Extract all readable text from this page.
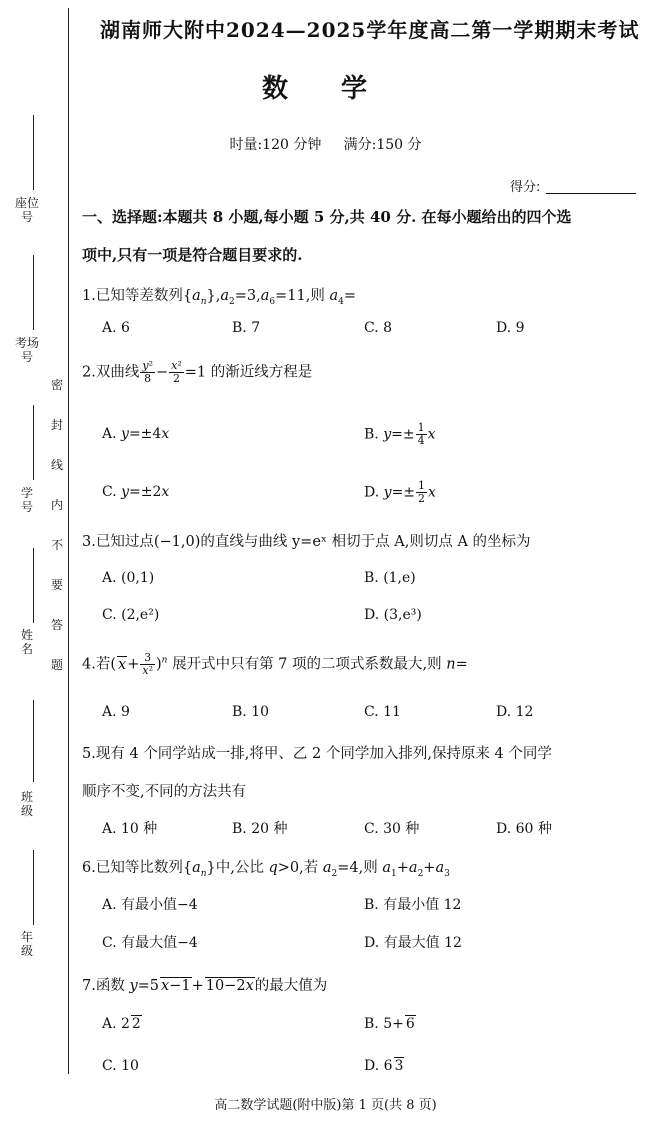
座位号
考场号
学 号
姓 名
班 级
年 级
密封线内不要答题
湖南师大附中2024—2025学年度高二第一学期期末考试
数 学
时量:120 分钟 满分:150 分
得分:
一、选择题:本题共 8 小题,每小题 5 分,共 40 分. 在每小题给出的四个选
项中,只有一项是符合题目要求的.
1.已知等差数列$\{a_n\},a_2=3,a_6=11$,则 $a_4=$
A. 6	B. 7	C. 8	D. 9
2.双曲线 $\frac{\text{y²}}{8} - \frac{\text{x²}}{2} =1$ 的渐近线方程是
A. y=±4x	B. $y=\pm \frac{1}{4}$ x
C. y=±2x	D. $y=\pm \frac{1}{2}$ x
3.已知过点(−1,0)的直线与曲线 y=eˣ 相切于点 A,则切点 A 的坐标为
A. (0,1)	B. (1,e)
C. (2,e²)	D. (3,e³)
4.若( $x+ \frac{3}{\text{x²}} )^n$ 展开式中只有第 7 项的二项式系数最大,则 n=
A. 9	B. 10	C. 11	D. 12
5.现有 4 个同学站成一排,将甲、乙 2 个同学加入排列,保持原来 4 个同学
顺序不变,不同的方法共有
A. 10 种	B. 20 种	C. 30 种	D. 60 种
6.已知等比数列$\{a_n\}$中,公比 q>0,若 $a_2=4$,则 $a_1+a_2+a_3$
A. 有最小值−4	B. 有最小值 12
C. 有最大值−4	D. 有最大值 12
7.函数 y=5 x−1+ 10−2x的最大值为
A. 2 2	B. 5+ 6
C. 10	D. 6 3
高二数学试题(附中版)第 1 页(共 8 页)
